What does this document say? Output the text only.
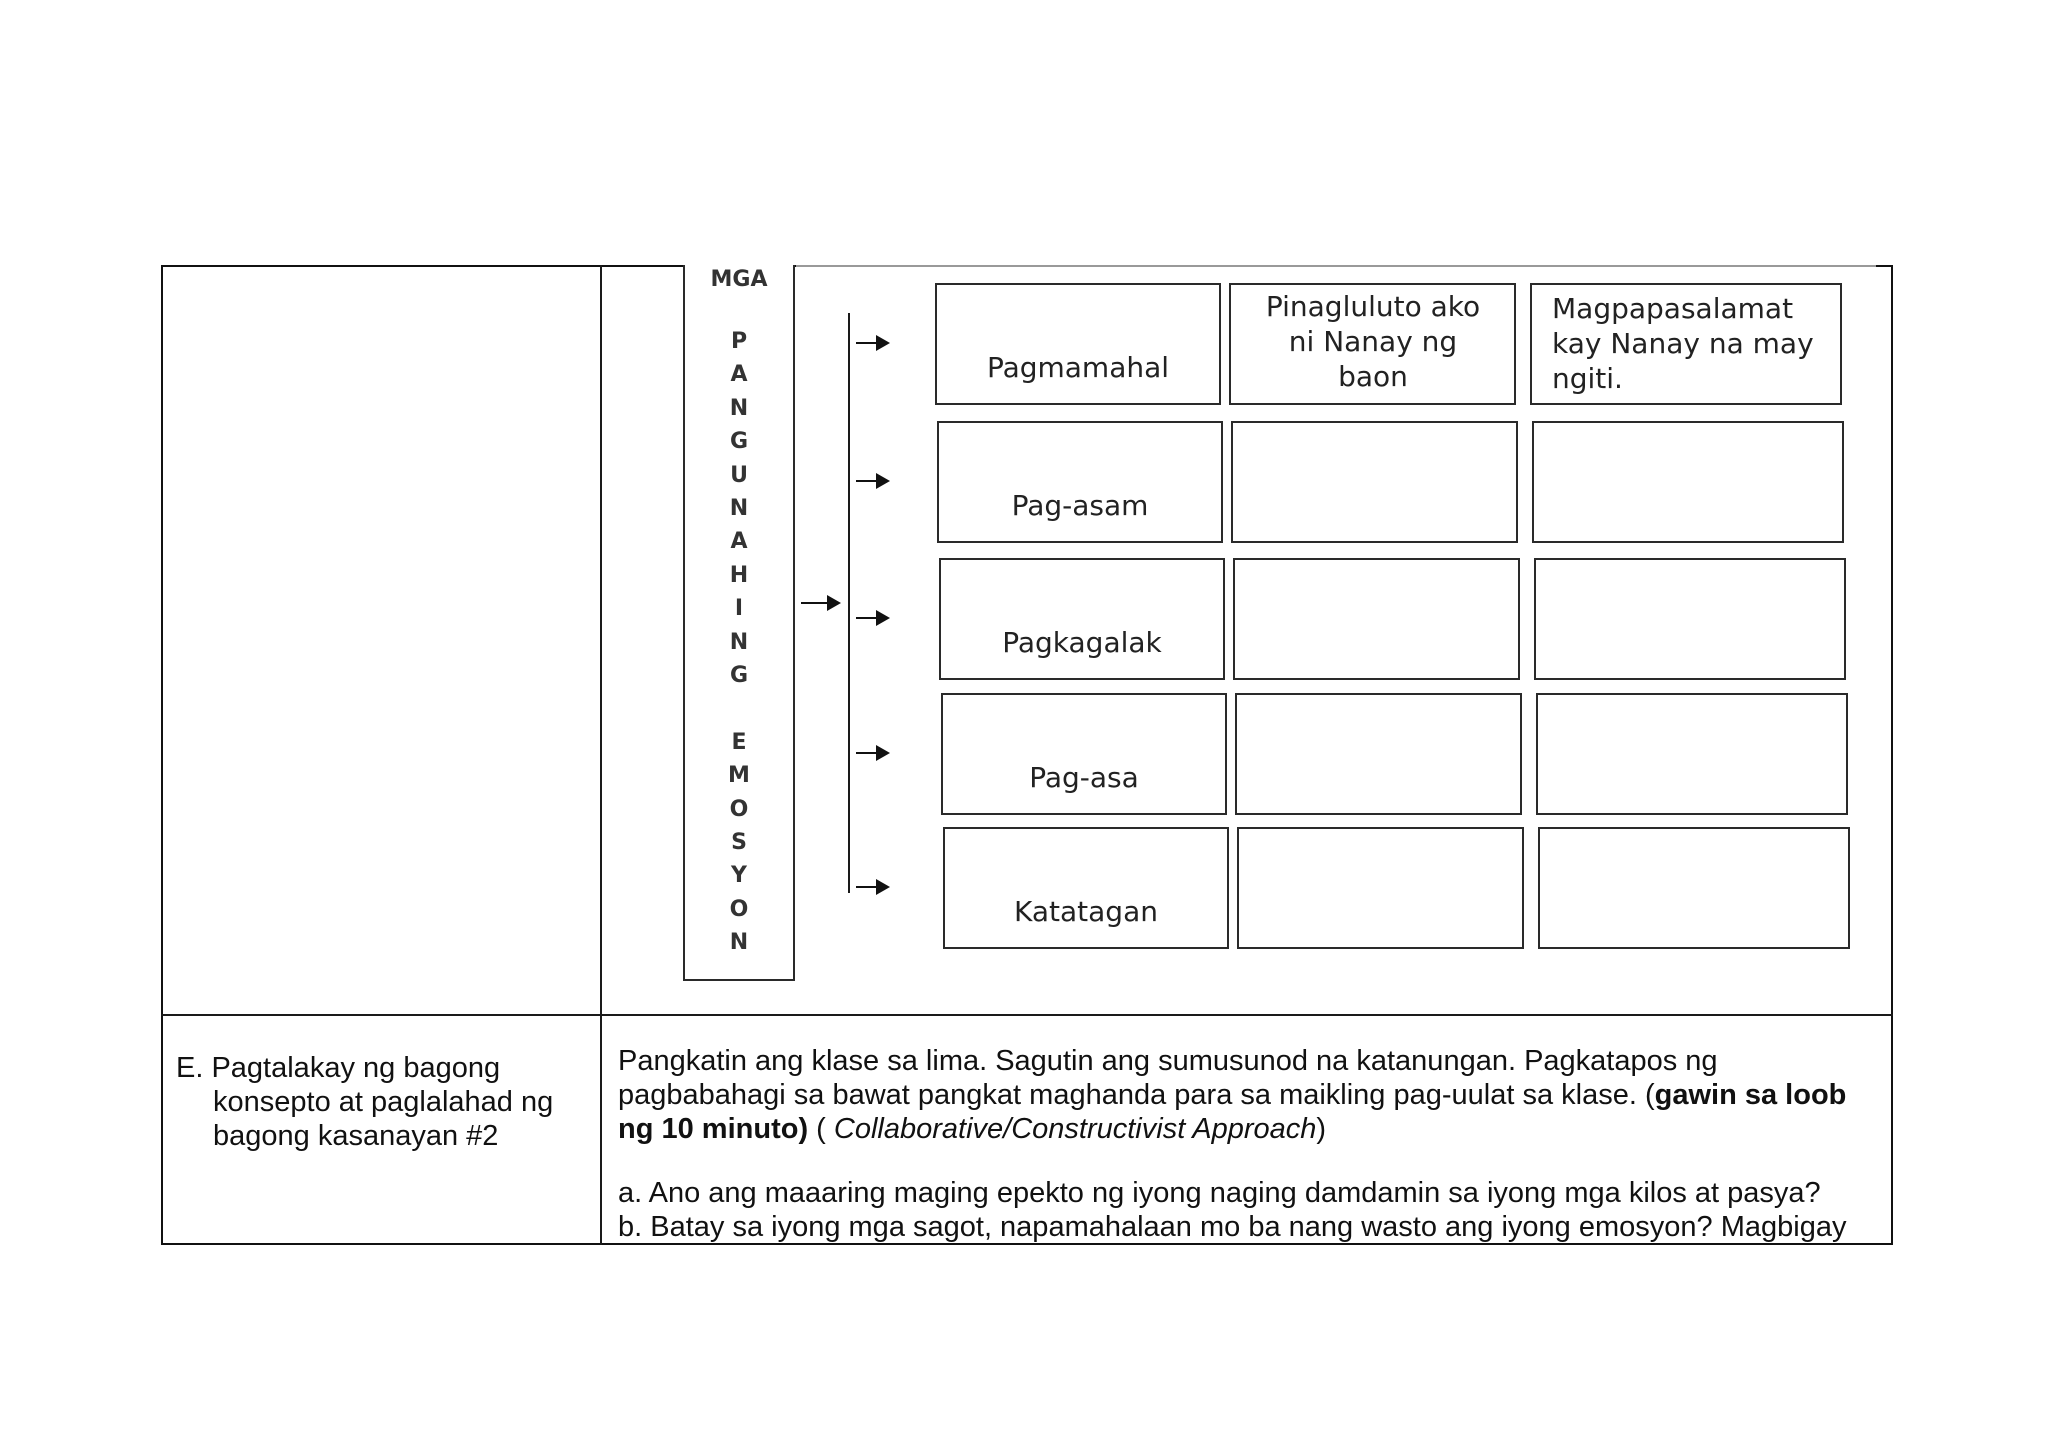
MGA
P
A
N
G
U
N
A
H
I
N
G
E
M
O
S
Y
O
N
Pagmamahal
Pinagluluto ako ni Nanay ng baon
Magpapasalamat kay Nanay na may ngiti.
Pag-asam
Pagkagalak
Pag-asa
Katatagan
E. Pagtalakay ng bagong
konsepto at paglalahad ng
bagong kasanayan #2

Pangkatin ang klase sa lima. Sagutin ang sumusunod na katanungan. Pagkatapos ng pagbabahagi sa bawat pangkat maghanda para sa maikling pag-uulat sa klase. (gawin sa loob ng 10 minuto) ( Collaborative/Constructivist Approach)

a. Ano ang maaaring maging epekto ng iyong naging damdamin sa iyong mga kilos at pasya?

b. Batay sa iyong mga sagot, napamahalaan mo ba nang wasto ang iyong emosyon? Magbigay
